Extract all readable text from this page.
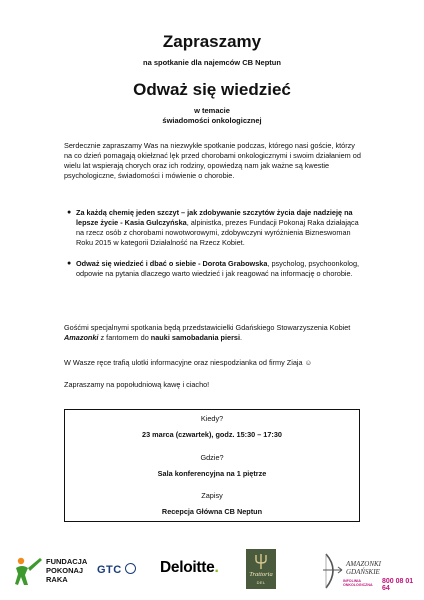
Zapraszamy
na spotkanie dla najemców CB Neptun
Odważ się wiedzieć
w temacie
świadomości onkologicznej
Serdecznie zapraszamy Was na niezwykłe spotkanie podczas, którego nasi goście, którzy na co dzień pomagają okiełznać lęk przed chorobami onkologicznymi i swoim działaniem od wielu lat wspierają chorych oraz ich rodziny, opowiedzą nam jak ważne są kwestie psychologiczne, świadomości i mówienie o chorobie.
● Za każdą chemię jeden szczyt – jak zdobywanie szczytów życia daje nadzieję na lepsze życie - Kasia Gulczyńska, alpinistka, prezes Fundacji Pokonaj Raka działająca na rzecz osób z chorobami nowotworowymi, zdobywczyni wyróżnienia Bizneswoman Roku 2015 w kategorii Działalność na Rzecz Kobiet.
● Odważ się wiedzieć i dbać o siebie - Dorota Grabowska, psycholog, psychoonkolog, odpowie na pytania dlaczego warto wiedzieć i jak reagować na informację o chorobie.
Gośćmi specjalnymi spotkania będą przedstawicielki Gdańskiego Stowarzyszenia Kobiet Amazonki z fantomem do nauki samobadania piersi.
W Wasze ręce trafią ulotki informacyjne oraz niespodzianka od firmy Ziaja ☺
Zapraszamy na popołudniową kawę i ciacho!
Kiedy?
23 marca (czwartek), godz. 15:30 – 17:30
Gdzie?
Sala konferencyjna na 1 piętrze
Zapisy
Recepcja Główna CB Neptun
FUNDACJA
POKONAJ
RAKA
GTC	Deloitte.	Trattoria
DEL
AMAZONKI
GDAŃSKIE
INFOLINIA
ONKOLOGICZNA 800 08 01 64
